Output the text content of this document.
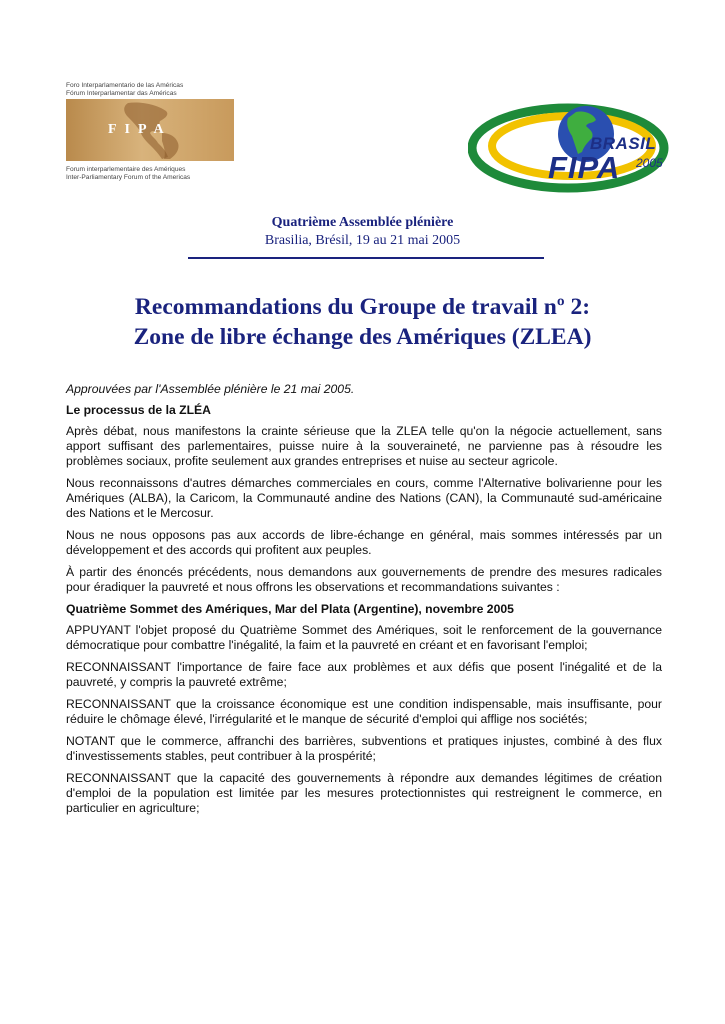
Foro Interparlamentario de las Américas
Fórum Interparlamentar das Américas
FIPA
Forum interparlementaire des Amériques
Inter-Parliamentary Forum of the Americas
BRASIL
FIPA 2005
Quatrième Assemblée plénière
Brasilia, Brésil, 19 au 21 mai 2005
Recommandations du Groupe de travail nº 2:
Zone de libre échange des Amériques (ZLEA)

Approuvées par l'Assemblée plénière le 21 mai 2005.

Le processus de la ZLÉA

Après débat, nous manifestons la crainte sérieuse que la ZLEA telle qu'on la négocie actuellement, sans apport suffisant des parlementaires, puisse nuire à la souveraineté, ne parvienne pas à résoudre les problèmes sociaux, profite seulement aux grandes entreprises et nuise au secteur agricole.

Nous reconnaissons d'autres démarches commerciales en cours, comme l'Alternative bolivarienne pour les Amériques (ALBA), la Caricom, la Communauté andine des Nations (CAN), la Communauté sud-américaine des Nations et le Mercosur.

Nous ne nous opposons pas aux accords de libre-échange en général, mais sommes intéressés par un développement et des accords qui profitent aux peuples.

À partir des énoncés précédents, nous demandons aux gouvernements de prendre des mesures radicales pour éradiquer la pauvreté et nous offrons les observations et recommandations suivantes :

Quatrième Sommet des Amériques, Mar del Plata (Argentine), novembre 2005

APPUYANT l'objet proposé du Quatrième Sommet des Amériques, soit le renforcement de la gouvernance démocratique pour combattre l'inégalité, la faim et la pauvreté en créant et en favorisant l'emploi;

RECONNAISSANT l'importance de faire face aux problèmes et aux défis que posent l'inégalité et de la pauvreté, y compris la pauvreté extrême;

RECONNAISSANT que la croissance économique est une condition indispensable, mais insuffisante, pour réduire le chômage élevé, l'irrégularité et le manque de sécurité d'emploi qui afflige nos sociétés;

NOTANT que le commerce, affranchi des barrières, subventions et pratiques injustes, combiné à des flux d'investissements stables, peut contribuer à la prospérité;

RECONNAISSANT que la capacité des gouvernements à répondre aux demandes légitimes de création d'emploi de la population est limitée par les mesures protectionnistes qui restreignent le commerce, en particulier en agriculture;
